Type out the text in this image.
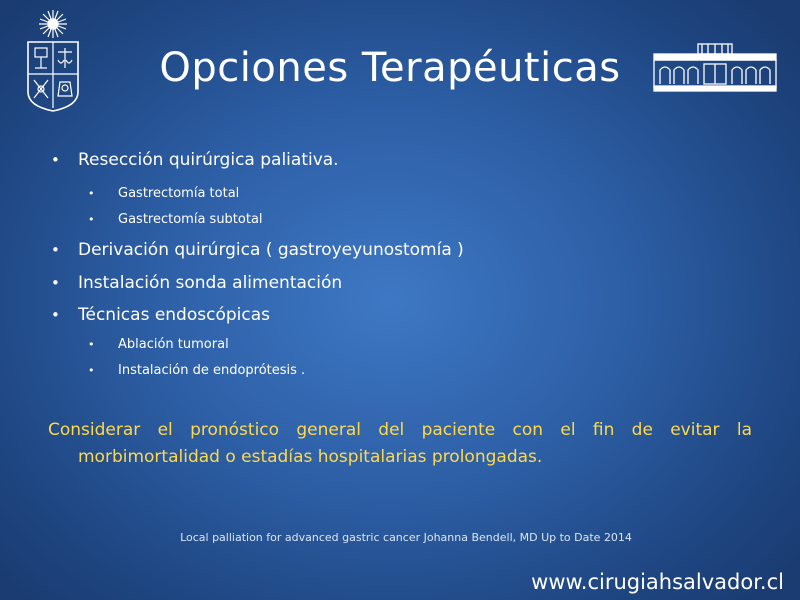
Opciones Terapéuticas
• Resección quirúrgica paliativa.
• Gastrectomía total
• Gastrectomía subtotal
• Derivación quirúrgica ( gastroyeyunostomía )
• Instalación sonda alimentación
• Técnicas endoscópicas
• Ablación tumoral
• Instalación de endoprótesis .
Considerar el pronóstico general del paciente con el fin de evitar la morbimortalidad o estadías hospitalarias prolongadas.
Local palliation for advanced gastric cancer Johanna Bendell, MD Up to Date 2014
www.cirugiahsalvador.cl
